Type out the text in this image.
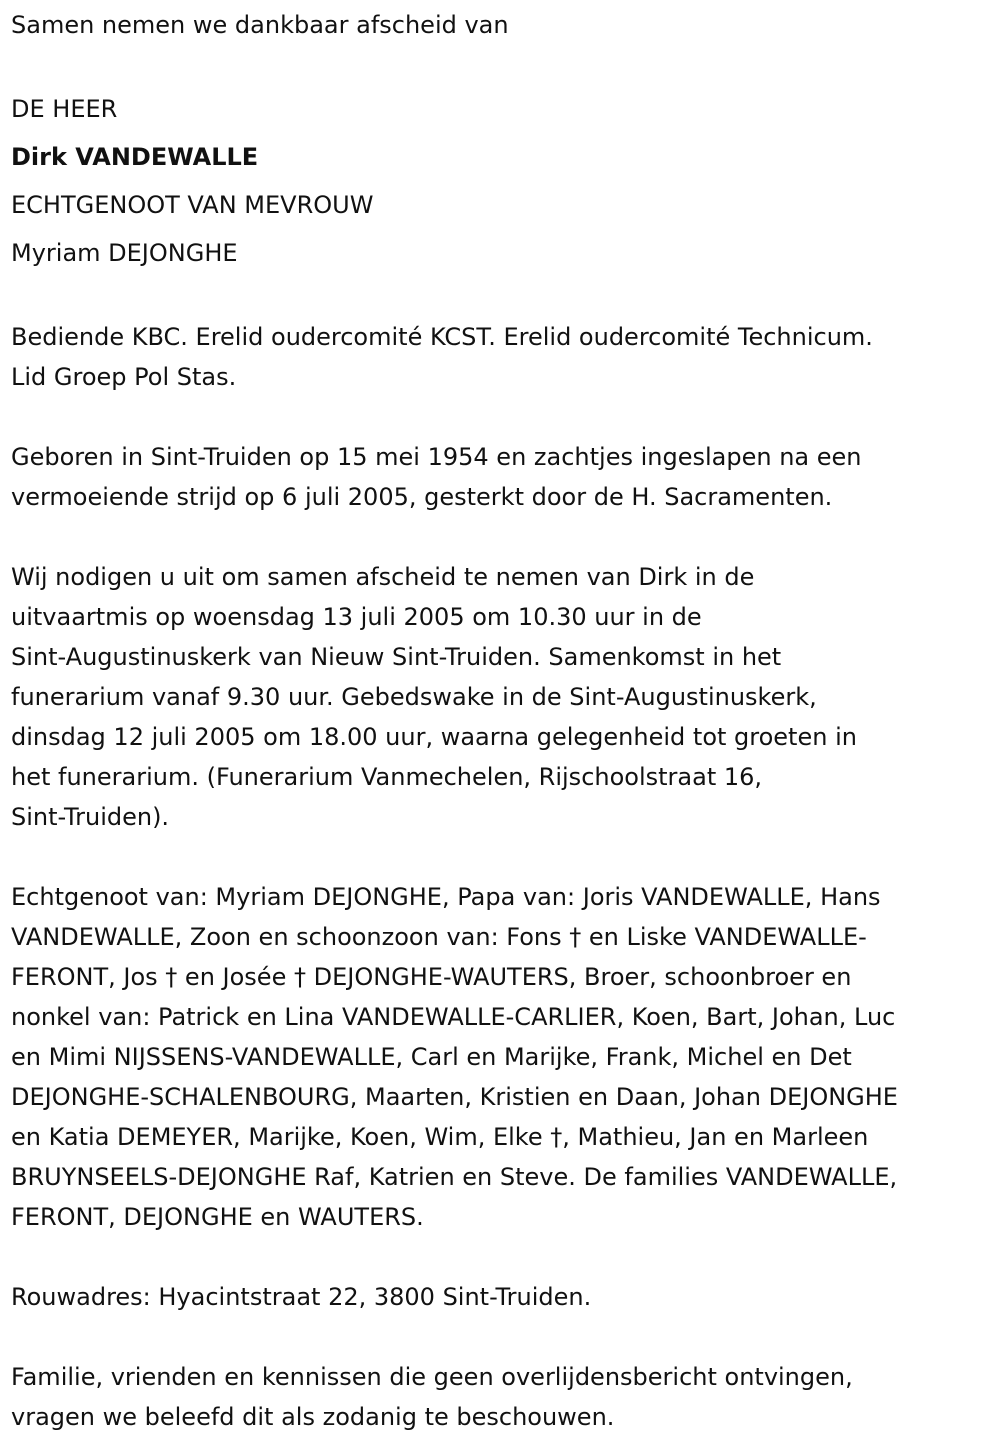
Samen nemen we dankbaar afscheid van

DE HEER

Dirk VANDEWALLE

ECHTGENOOT VAN MEVROUW

Myriam DEJONGHE

Bediende KBC. Erelid oudercomité KCST. Erelid oudercomité Technicum.

Lid Groep Pol Stas.

Geboren in Sint-Truiden op 15 mei 1954 en zachtjes ingeslapen na een

vermoeiende strijd op 6 juli 2005, gesterkt door de H. Sacramenten.

Wij nodigen u uit om samen afscheid te nemen van Dirk in de

uitvaartmis op woensdag 13 juli 2005 om 10.30 uur in de

Sint-Augustinuskerk van Nieuw Sint-Truiden. Samenkomst in het

funerarium vanaf 9.30 uur. Gebedswake in de Sint-Augustinuskerk,

dinsdag 12 juli 2005 om 18.00 uur, waarna gelegenheid tot groeten in

het funerarium. (Funerarium Vanmechelen, Rijschoolstraat 16,

Sint-Truiden).

Echtgenoot van: Myriam DEJONGHE, Papa van: Joris VANDEWALLE, Hans

VANDEWALLE, Zoon en schoonzoon van: Fons † en Liske VANDEWALLE-

FERONT, Jos † en Josée † DEJONGHE-WAUTERS, Broer, schoonbroer en

nonkel van: Patrick en Lina VANDEWALLE-CARLIER, Koen, Bart, Johan, Luc

en Mimi NIJSSENS-VANDEWALLE, Carl en Marijke, Frank, Michel en Det

DEJONGHE-SCHALENBOURG, Maarten, Kristien en Daan, Johan DEJONGHE

en Katia DEMEYER, Marijke, Koen, Wim, Elke †, Mathieu, Jan en Marleen

BRUYNSEELS-DEJONGHE Raf, Katrien en Steve. De families VANDEWALLE,

FERONT, DEJONGHE en WAUTERS.

Rouwadres: Hyacintstraat 22, 3800 Sint-Truiden.

Familie, vrienden en kennissen die geen overlijdensbericht ontvingen,

vragen we beleefd dit als zodanig te beschouwen.
